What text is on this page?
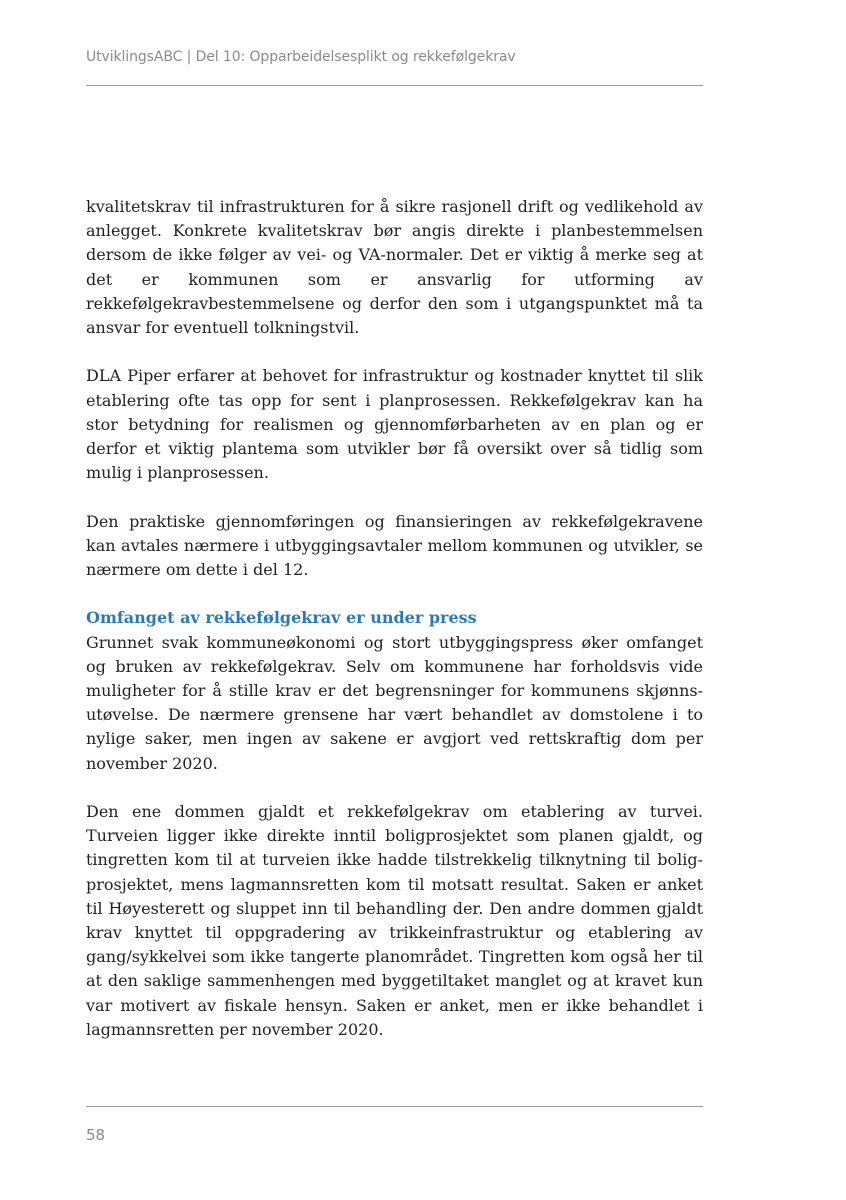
UtviklingsABC | Del 10: Opparbeidelsesplikt og rekkefølgekrav

kvalitetskrav til infrastrukturen for å sikre rasjonell drift og vedlikehold av anlegget. Konkrete kvalitetskrav bør angis direkte i planbestemmelsen dersom de ikke følger av vei- og VA-normaler. Det er viktig å merke seg at det er kommunen som er ansvarlig for utforming av rekkefølgekravbestemmelsene og derfor den som i utgangspunktet må ta ansvar for eventuell tolkningstvil.

DLA Piper erfarer at behovet for infrastruktur og kostnader knyttet til slik etablering ofte tas opp for sent i planprosessen. Rekkefølgekrav kan ha stor betydning for realismen og gjennomførbarheten av en plan og er derfor et viktig plantema som utvikler bør få oversikt over så tidlig som mulig i planprosessen.

Den praktiske gjennomføringen og finansieringen av rekkefølgekravene kan avtales nærmere i utbyggingsavtaler mellom kommunen og utvikler, se nærmere om dette i del 12.

Omfanget av rekkefølgekrav er under press

Grunnet svak kommuneøkonomi og stort utbyggingspress øker omfanget og bruken av rekkefølgekrav. Selv om kommunene har forholdsvis vide muligheter for å stille krav er det begrensninger for kommunens skjønnsutøvelse. De nærmere grensene har vært behandlet av domstolene i to nylige saker, men ingen av sakene er avgjort ved rettskraftig dom per november 2020.

Den ene dommen gjaldt et rekkefølgekrav om etablering av turvei. Turveien ligger ikke direkte inntil boligprosjektet som planen gjaldt, og tingretten kom til at turveien ikke hadde tilstrekkelig tilknytning til boligprosjektet, mens lagmannsretten kom til motsatt resultat. Saken er anket til Høyesterett og sluppet inn til behandling der. Den andre dommen gjaldt krav knyttet til oppgradering av trikkeinfrastruktur og etablering av gang/sykkelvei som ikke tangerte planområdet. Tingretten kom også her til at den saklige sammenhengen med byggetiltaket manglet og at kravet kun var motivert av fiskale hensyn. Saken er anket, men er ikke behandlet i lagmannsretten per november 2020.

58
